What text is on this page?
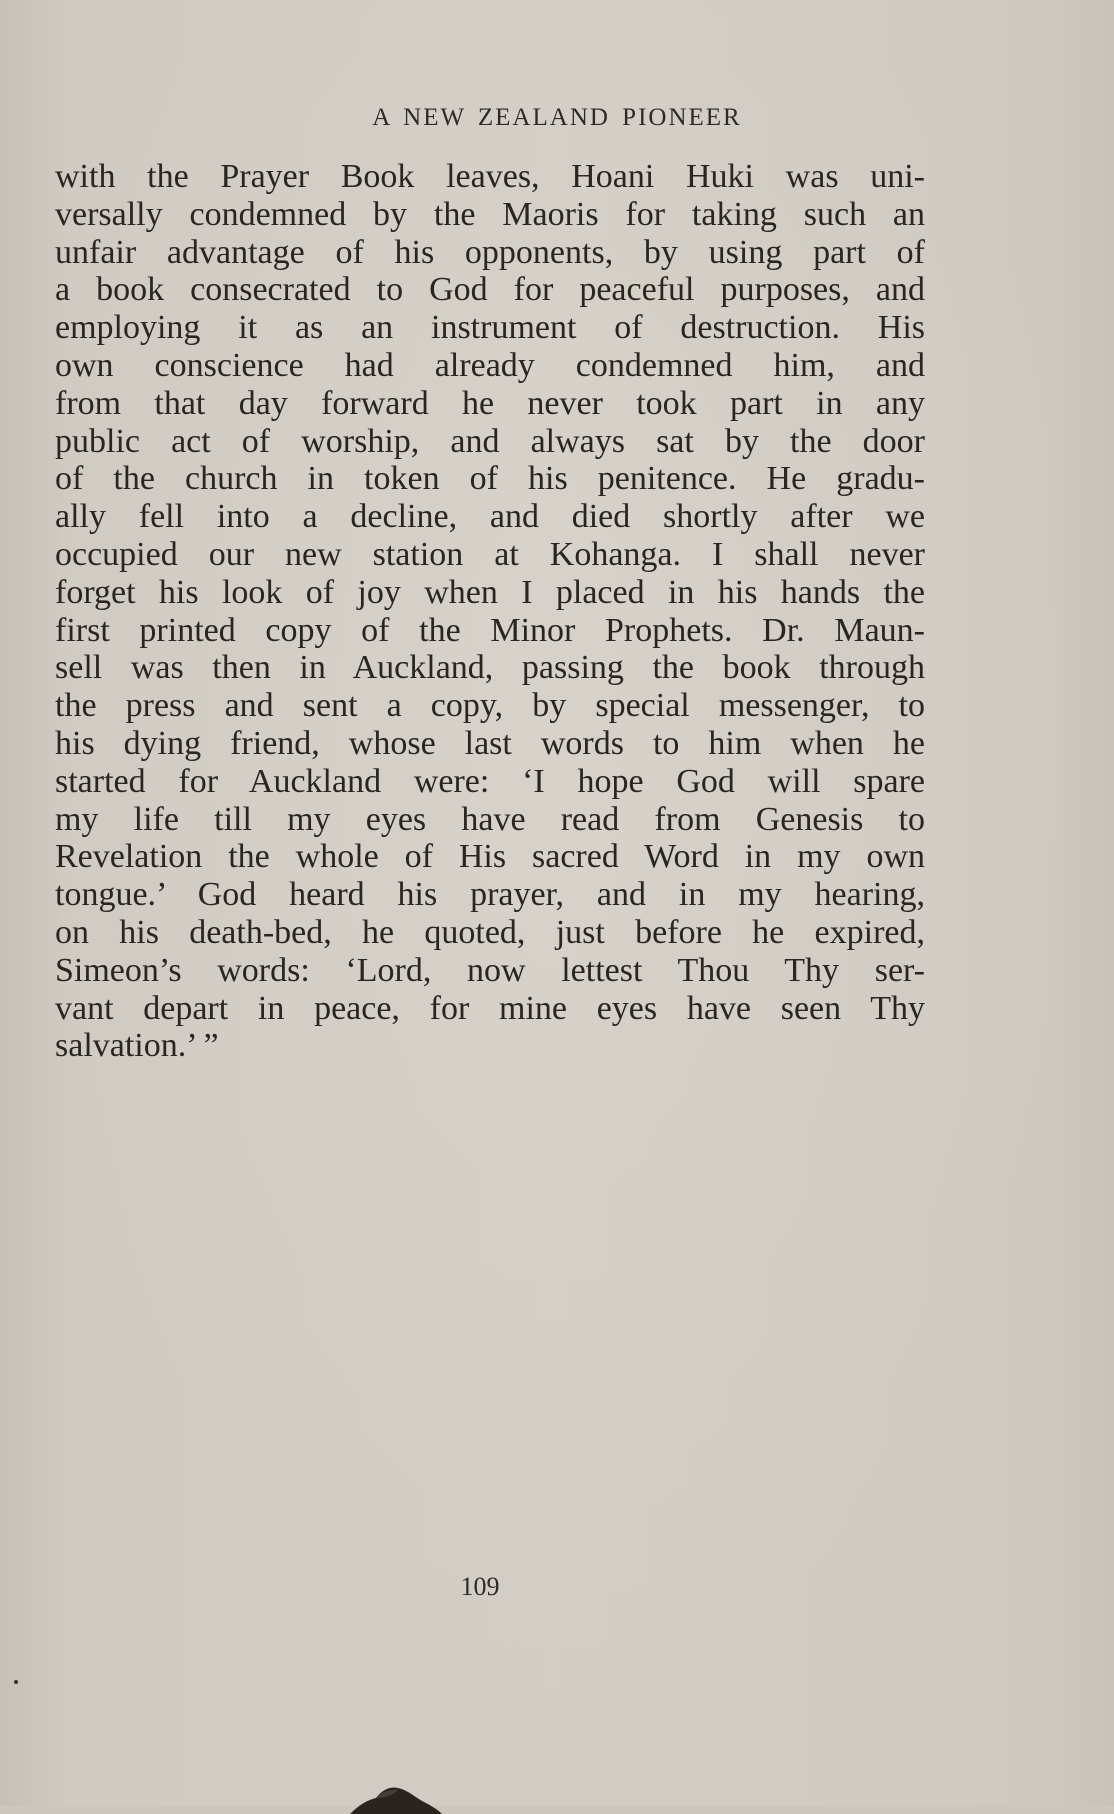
A NEW ZEALAND PIONEER
with the Prayer Book leaves, Hoani Huki was uni-
versally condemned by the Maoris for taking such an
unfair advantage of his opponents, by using part of
a book consecrated to God for peaceful purposes, and
employing it as an instrument of destruction. His
own conscience had already condemned him, and
from that day forward he never took part in any
public act of worship, and always sat by the door
of the church in token of his penitence. He gradu-
ally fell into a decline, and died shortly after we
occupied our new station at Kohanga. I shall never
forget his look of joy when I placed in his hands the
first printed copy of the Minor Prophets. Dr. Maun-
sell was then in Auckland, passing the book through
the press and sent a copy, by special messenger, to
his dying friend, whose last words to him when he
started for Auckland were: ‘I hope God will spare
my life till my eyes have read from Genesis to
Revelation the whole of His sacred Word in my own
tongue.’ God heard his prayer, and in my hearing,
on his death-bed, he quoted, just before he expired,
Simeon’s words: ‘Lord, now lettest Thou Thy ser-
vant depart in peace, for mine eyes have seen Thy
salvation.’ ”
109
